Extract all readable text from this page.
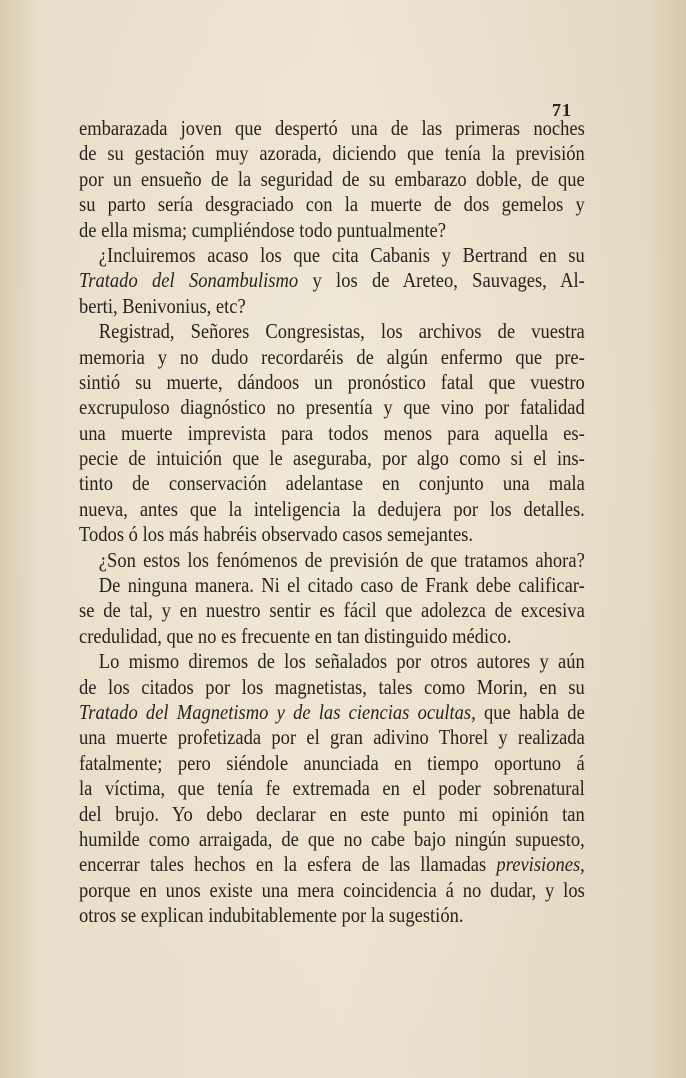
71
embarazada joven que despertó una de las primeras noches
de su gestación muy azorada, diciendo que tenía la previsión
por un ensueño de la seguridad de su embarazo doble, de que
su parto sería desgraciado con la muerte de dos gemelos y
de ella misma; cumpliéndose todo puntualmente?
¿Incluiremos acaso los que cita Cabanis y Bertrand en su
Tratado del Sonambulismo y los de Areteo, Sauvages, Al-
berti, Benivonius, etc?
Registrad, Señores Congresistas, los archivos de vuestra
memoria y no dudo recordaréis de algún enfermo que pre-
sintió su muerte, dándoos un pronóstico fatal que vuestro
excrupuloso diagnóstico no presentía y que vino por fatalidad
una muerte imprevista para todos menos para aquella es-
pecie de intuición que le aseguraba, por algo como si el ins-
tinto de conservación adelantase en conjunto una mala
nueva, antes que la inteligencia la dedujera por los detalles.
Todos ó los más habréis observado casos semejantes.
¿Son estos los fenómenos de previsión de que tratamos ahora?
De ninguna manera. Ni el citado caso de Frank debe calificar-
se de tal, y en nuestro sentir es fácil que adolezca de excesiva
credulidad, que no es frecuente en tan distinguido médico.
Lo mismo diremos de los señalados por otros autores y aún
de los citados por los magnetistas, tales como Morin, en su
Tratado del Magnetismo y de las ciencias ocultas, que habla de
una muerte profetizada por el gran adivino Thorel y realizada
fatalmente; pero siéndole anunciada en tiempo oportuno á
la víctima, que tenía fe extremada en el poder sobrenatural
del brujo. Yo debo declarar en este punto mi opinión tan
humilde como arraigada, de que no cabe bajo ningún supuesto,
encerrar tales hechos en la esfera de las llamadas previsiones,
porque en unos existe una mera coincidencia á no dudar, y los
otros se explican indubitablemente por la sugestión.
